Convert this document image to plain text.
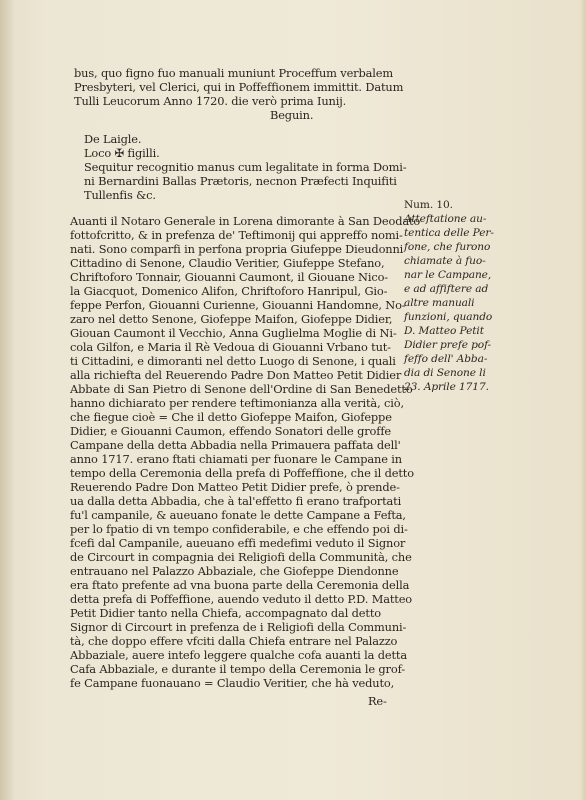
bus, quo figno fuo manuali muniunt Proceffum verbalem
Presbyteri, vel Clerici, qui in Poffeffionem immittit. Datum
Tulli Leucorum Anno 1720. die verò prima Iunij.
Beguin.
De Laigle.
Loco ✠ figilli.
Sequitur recognitio manus cum legalitate in forma Domi-
ni Bernardini Ballas Prætoris, necnon Præfecti Inquifiti
Tullenfis &c.
Auanti il Notaro Generale in Lorena dimorante à San Deodato
fottofcritto, & in prefenza de' Teftimonij qui appreffo nomi-
nati. Sono comparfi in perfona propria Giufeppe Dieudonni
Cittadino di Senone, Claudio Veritier, Giufeppe Stefano,
Chriftoforo Tonnair, Giouanni Caumont, il Giouane Nico-
la Giacquot, Domenico Alifon, Chriftoforo Hanripul, Gio-
feppe Perfon, Giouanni Curienne, Giouanni Handomne, No-
zaro nel detto Senone, Giofeppe Maifon, Giofeppe Didier,
Giouan Caumont il Vecchio, Anna Guglielma Moglie di Ni-
cola Gilfon, e Maria il Rè Vedoua di Giouanni Vrbano tut-
ti Cittadini, e dimoranti nel detto Luogo di Senone, i quali
alla richiefta del Reuerendo Padre Don Matteo Petit Didier
Abbate di San Pietro di Senone dell'Ordine di San Benedetto
hanno dichiarato per rendere teftimonianza alla verità, ciò,
che fiegue cioè = Che il detto Giofeppe Maifon, Giofeppe
Didier, e Giouanni Caumon, effendo Sonatori delle groffe
Campane della detta Abbadia nella Primauera paffata dell'
anno 1717. erano ftati chiamati per fuonare le Campane in
tempo della Ceremonia della prefa di Poffeffione, che il detto
Reuerendo Padre Don Matteo Petit Didier prefe, ò prende-
ua dalla detta Abbadia, che à tal'effetto fi erano trafportati
fu'l campanile, & aueuano fonate le dette Campane a Fefta,
per lo fpatio di vn tempo confiderabile, e che effendo poi di-
fcefi dal Campanile, aueuano effi medefimi veduto il Signor
de Circourt in compagnia dei Religiofi della Communità, che
entrauano nel Palazzo Abbaziale, che Giofeppe Diendonne
era ftato prefente ad vna buona parte della Ceremonia della
detta prefa di Poffeffione, auendo veduto il detto P.D. Matteo
Petit Didier tanto nella Chiefa, accompagnato dal detto
Signor di Circourt in prefenza de i Religiofi della Communi-
tà, che doppo effere vfciti dalla Chiefa entrare nel Palazzo
Abbaziale, auere intefo leggere qualche cofa auanti la detta
Cafa Abbaziale, e durante il tempo della Ceremonia le grof-
fe Campane fuonauano = Claudio Veritier, che hà veduto,
Re-
Num. 10.
Atteftatione au-
tentica delle Per-
fone, che furono
chiamate à fuo-
nar le Campane,
e ad affiftere ad
altre manuali
funzioni, quando
D. Matteo Petit
Didier prefe pof-
feffo dell' Abba-
dia di Senone li
23. Aprile 1717.
